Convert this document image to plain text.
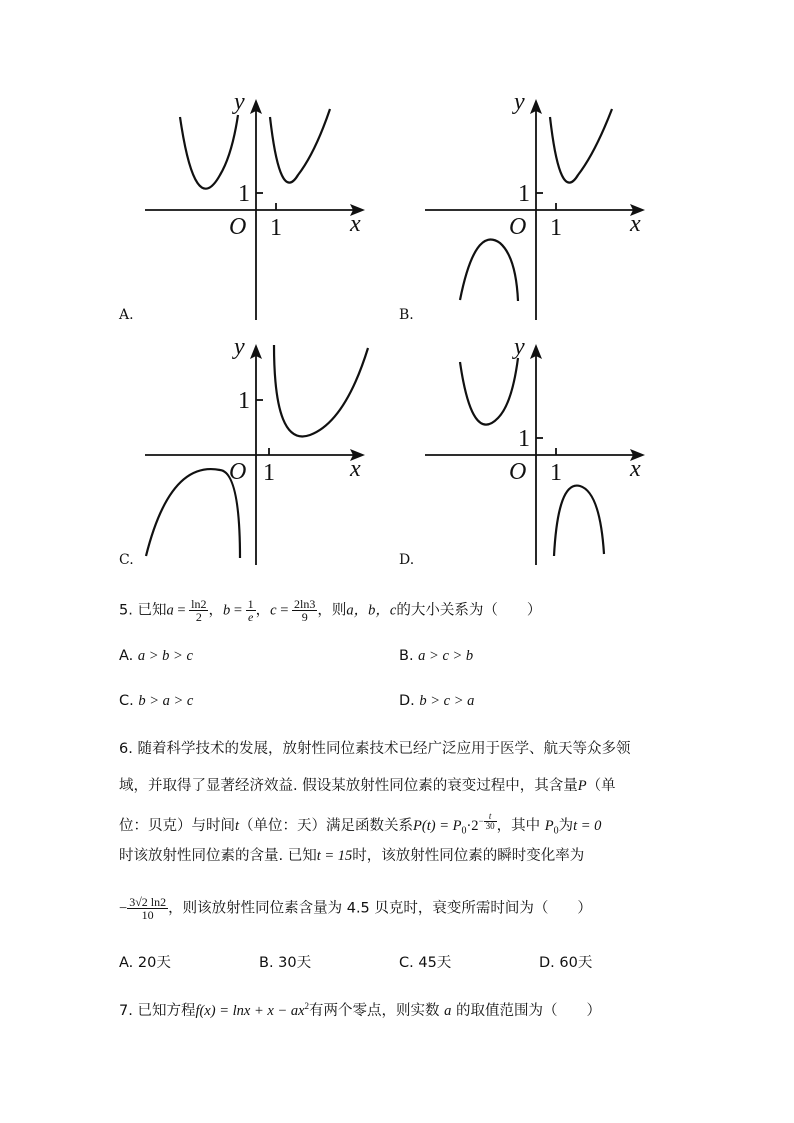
y
x
O 1
1
A.
y
x
O 1
1
B.
y
x
O 1
1
C.
y
x
O 1
1
D.
5. 已知$a = \frac{\ln 2}{2}$ ，$b = \frac{1}{e}$ ，$c = \frac{2\ln 3}{9}$ ，则a，b，c的大小关系为（　　）
A. a > b > c	B. a > c > b
C. b > a > c	D. b > c > a
6. 随着科学技术的发展，放射性同位素技术已经广泛应用于医学、航天等众多领
域，并取得了显著经济效益. 假设某放射性同位素的衰变过程中，其含量P（单
位：贝克）与时间t（单位：天）满足函数关系$P(t) = P_0\cdot 2^{- \frac{t}{30}}$ ，其中 $P_0$为t = 0
时该放射性同位素的含量. 已知t = 15时，该放射性同位素的瞬时变化率为
− $\frac{3√2 \ln 2}{10}$ ，则该放射性同位素含量为 4.5 贝克时，衰变所需时间为（　　）
A. 20天	B. 30天	C. 45天	D. 60天
7. 已知方程$f(x) = \ln x + x - ax^2$有两个零点，则实数 a 的取值范围为（　　）
